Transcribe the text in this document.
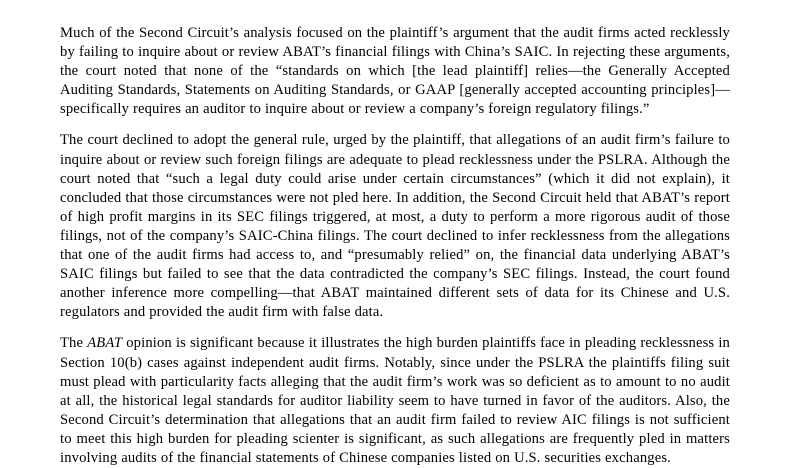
Much of the Second Circuit’s analysis focused on the plaintiff’s argument that the audit firms acted recklessly by failing to inquire about or review ABAT’s financial filings with China’s SAIC. In rejecting these arguments, the court noted that none of the “standards on which [the lead plaintiff] relies—the Generally Accepted Auditing Standards, Statements on Auditing Standards, or GAAP [generally accepted accounting principles]—specifically requires an auditor to inquire about or review a company’s foreign regulatory filings.”

The court declined to adopt the general rule, urged by the plaintiff, that allegations of an audit firm’s failure to inquire about or review such foreign filings are adequate to plead recklessness under the PSLRA. Although the court noted that “such a legal duty could arise under certain circumstances” (which it did not explain), it concluded that those circumstances were not pled here. In addition, the Second Circuit held that ABAT’s report of high profit margins in its SEC filings triggered, at most, a duty to perform a more rigorous audit of those filings, not of the company’s SAIC-China filings. The court declined to infer recklessness from the allegations that one of the audit firms had access to, and “presumably relied” on, the financial data underlying ABAT’s SAIC filings but failed to see that the data contradicted the company’s SEC filings. Instead, the court found another inference more compelling—that ABAT maintained different sets of data for its Chinese and U.S. regulators and provided the audit firm with false data.

The ABAT opinion is significant because it illustrates the high burden plaintiffs face in pleading recklessness in Section 10(b) cases against independent audit firms. Notably, since under the PSLRA the plaintiffs filing suit must plead with particularity facts alleging that the audit firm’s work was so deficient as to amount to no audit at all, the historical legal standards for auditor liability seem to have turned in favor of the auditors. Also, the Second Circuit’s determination that allegations that an audit firm failed to review AIC filings is not sufficient to meet this high burden for pleading scienter is significant, as such allegations are frequently pled in matters involving audits of the financial statements of Chinese companies listed on U.S. securities exchanges.
